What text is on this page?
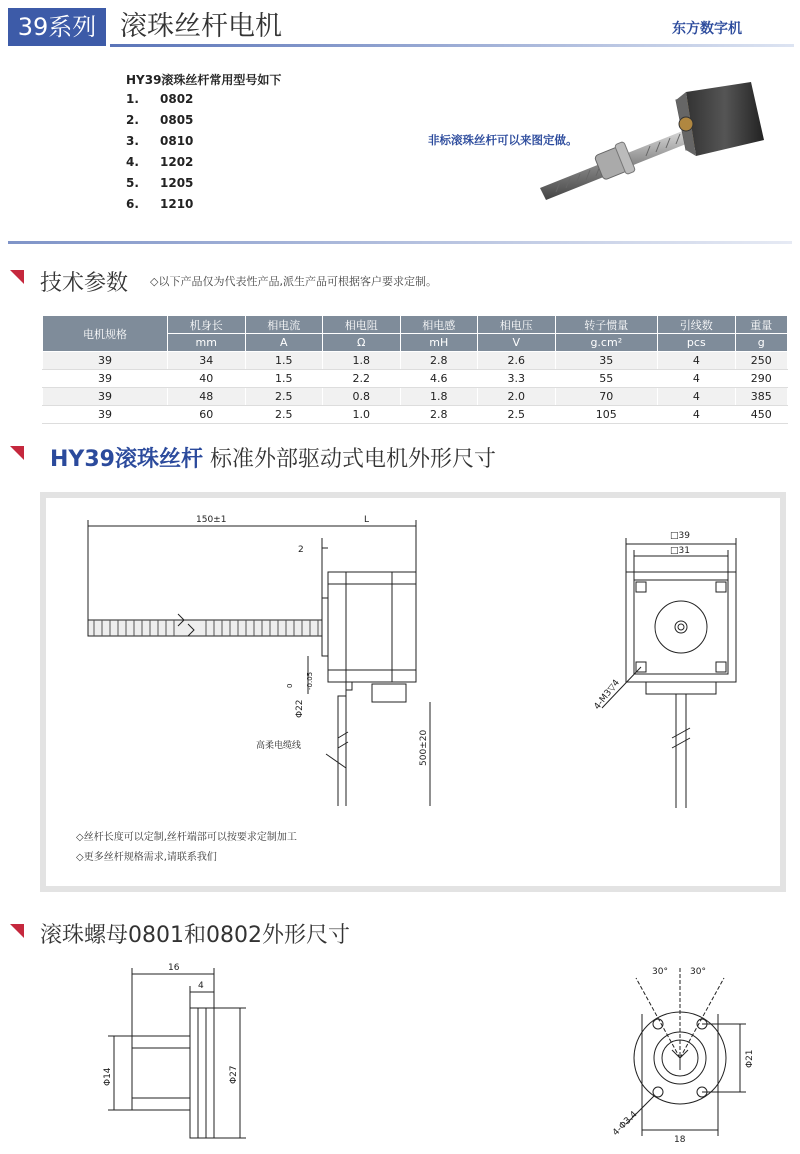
39系列 滚珠丝杆电机	东方数字机
HY39滚珠丝杆常用型号如下
1. 0802
2. 0805
3. 0810
4. 1202
5. 1205
6. 1210
非标滚珠丝杆可以来图定做。
技术参数 ◇以下产品仅为代表性产品,派生产品可根据客户要求定制。
电机规格	机身长	相电流	相电阻	相电感	相电压	转子惯量	引线数	重量
	mm	A	Ω	mH	V	g.cm²	pcs	g
39	34	1.5	1.8	2.8	2.6	35	4	250
39	40	1.5	2.2	4.6	3.3	55	4	290
39	48	2.5	0.8	1.8	2.0	70	4	385
39	60	2.5	1.0	2.8	2.5	105	4	450
HY39滚珠丝杆 标准外部驱动式电机外形尺寸
150±1	L
2
Φ22
0 -0.05
高柔电缆线	500±20
□39
□31
4-M3▽4
◇丝杆长度可以定制,丝杆端部可以按要求定制加工
◇更多丝杆规格需求,请联系我们
滚珠螺母0801和0802外形尺寸
16
4
Φ14	Φ27
30° 30°
Φ21
4-Φ3.4
18
